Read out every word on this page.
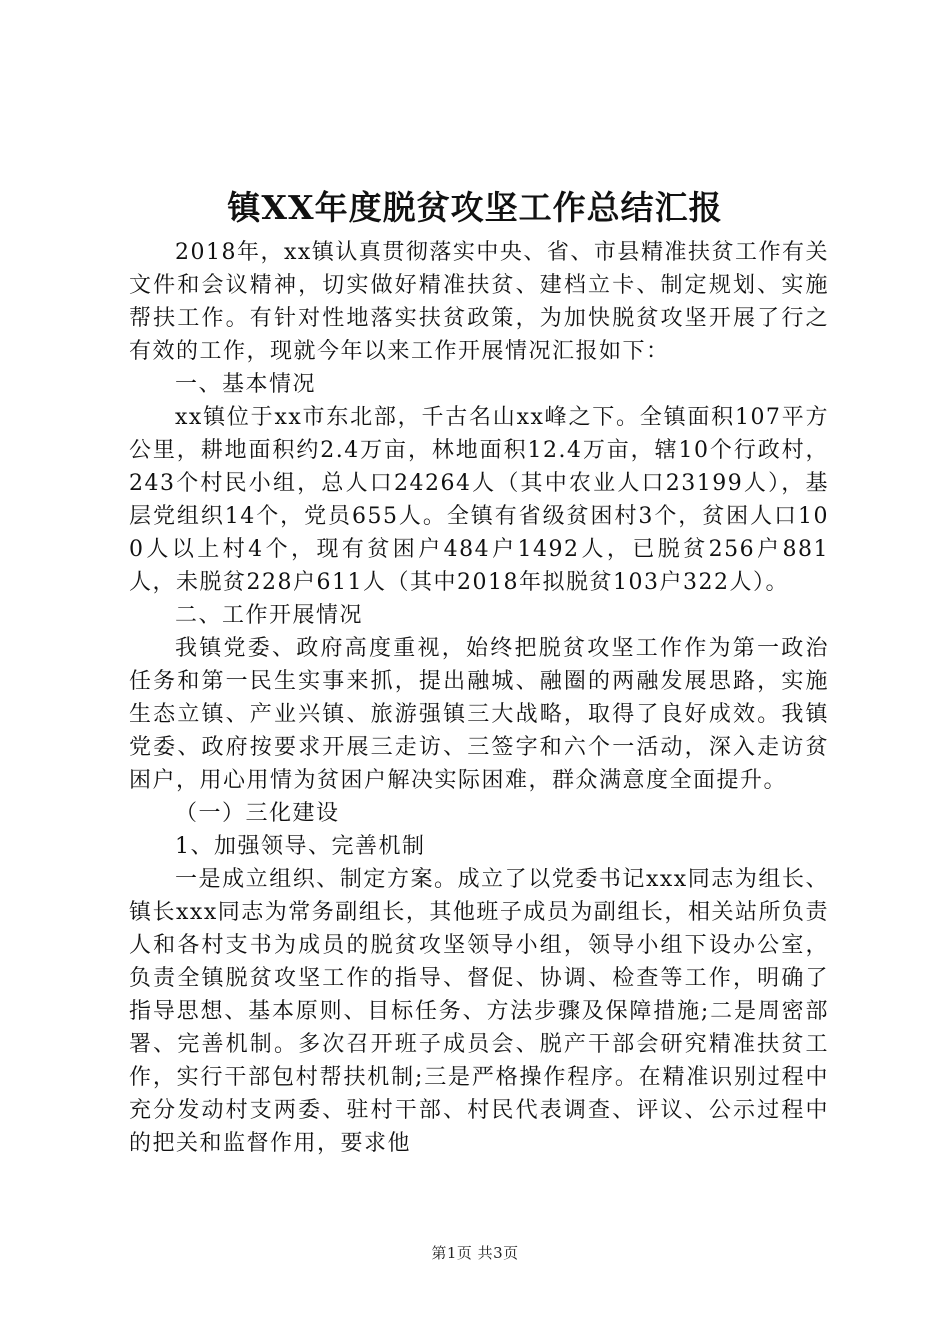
镇XX年度脱贫攻坚工作总结汇报

2018年，xx镇认真贯彻落实中央、省、市县精准扶贫工作有关文件和会议精神，切实做好精准扶贫、建档立卡、制定规划、实施帮扶工作。有针对性地落实扶贫政策，为加快脱贫攻坚开展了行之有效的工作，现就今年以来工作开展情况汇报如下：

一、基本情况

xx镇位于xx市东北部，千古名山xx峰之下。全镇面积107平方公里，耕地面积约2.4万亩，林地面积12.4万亩，辖10个行政村，243个村民小组，总人口24264人（其中农业人口23199人），基层党组织14个，党员655人。全镇有省级贫困村3个，贫困人口100人以上村4个，现有贫困户484户1492人，已脱贫256户881人，未脱贫228户611人（其中2018年拟脱贫103户322人）。

二、工作开展情况

我镇党委、政府高度重视，始终把脱贫攻坚工作作为第一政治任务和第一民生实事来抓，提出融城、融圈的两融发展思路，实施生态立镇、产业兴镇、旅游强镇三大战略，取得了良好成效。我镇党委、政府按要求开展三走访、三签字和六个一活动，深入走访贫困户，用心用情为贫困户解决实际困难，群众满意度全面提升。

（一）三化建设

1、加强领导、完善机制

一是成立组织、制定方案。成立了以党委书记xxx同志为组长、镇长xxx同志为常务副组长，其他班子成员为副组长，相关站所负责人和各村支书为成员的脱贫攻坚领导小组，领导小组下设办公室，负责全镇脱贫攻坚工作的指导、督促、协调、检查等工作，明确了指导思想、基本原则、目标任务、方法步骤及保障措施;二是周密部署、完善机制。多次召开班子成员会、脱产干部会研究精准扶贫工作，实行干部包村帮扶机制;三是严格操作程序。在精准识别过程中充分发动村支两委、驻村干部、村民代表调查、评议、公示过程中的把关和监督作用，要求他

第1页 共3页
